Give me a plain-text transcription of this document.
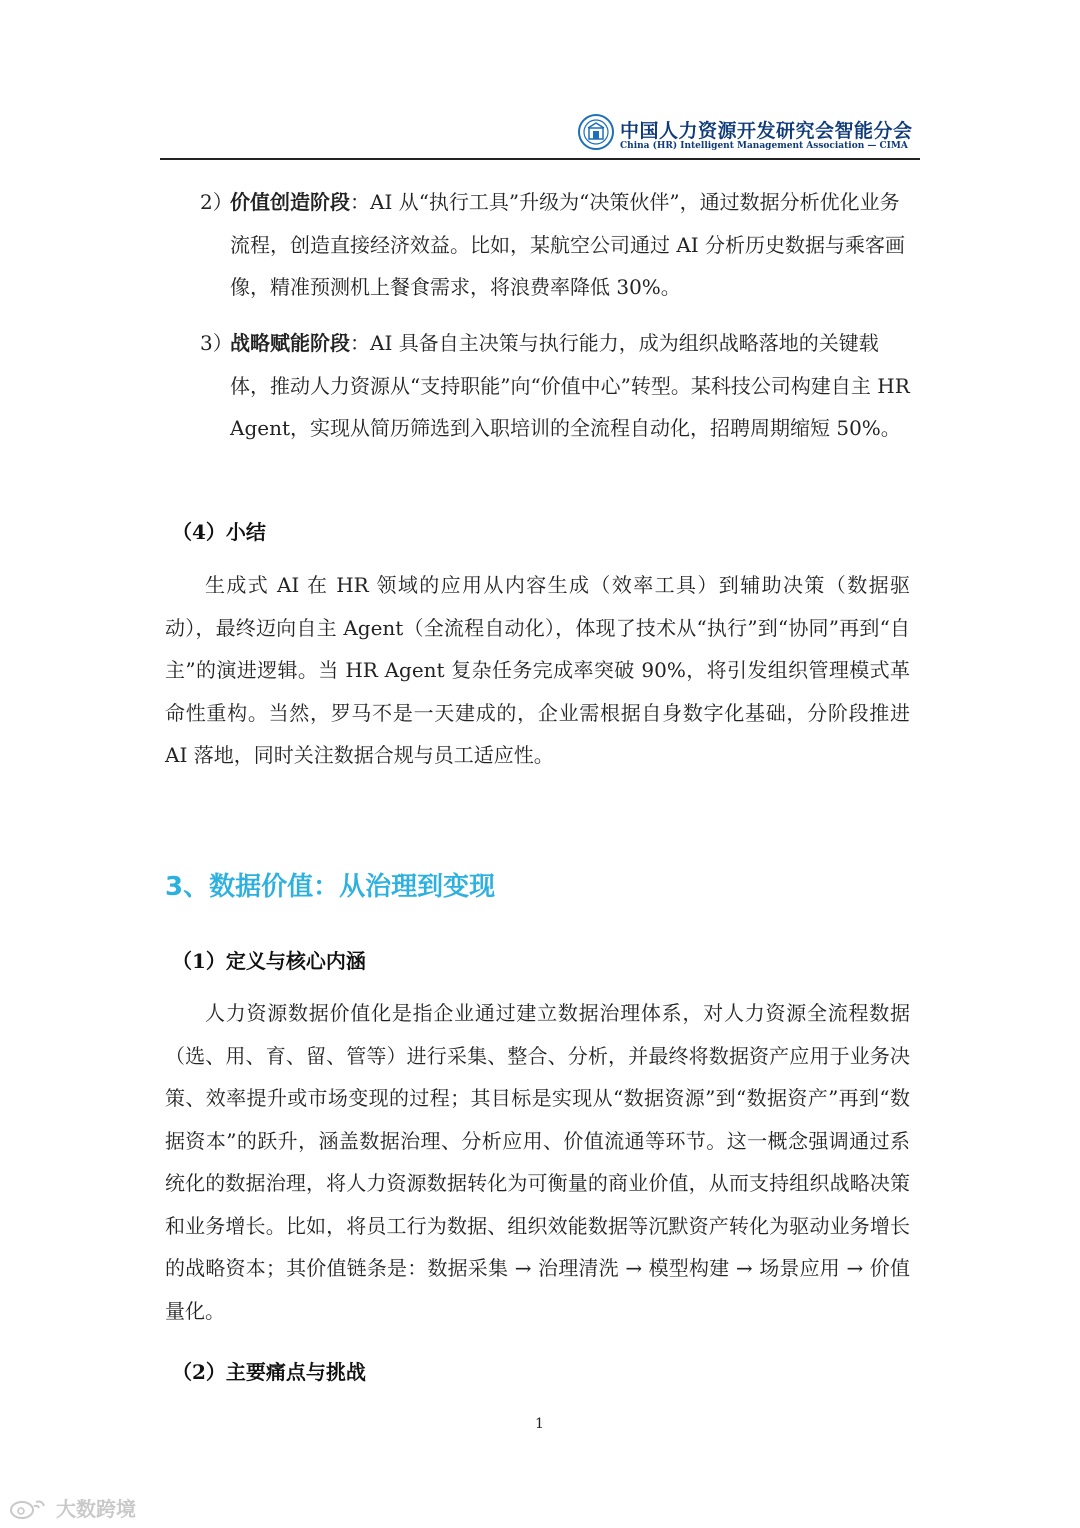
中国人力资源开发研究会智能分会
China (HR) Intelligent Management Association — CIMA
2）
价值创造阶段：AI 从“执行工具”升级为“决策伙伴”，通过数据分析优化业务流程，创造直接经济效益。比如，某航空公司通过 AI 分析历史数据与乘客画像，精准预测机上餐食需求，将浪费率降低 30%。
3）
战略赋能阶段：AI 具备自主决策与执行能力，成为组织战略落地的关键载体，推动人力资源从“支持职能”向“价值中心”转型。某科技公司构建自主 HR Agent，实现从简历筛选到入职培训的全流程自动化，招聘周期缩短 50%。
（4）小结
生成式 AI 在 HR 领域的应用从内容生成（效率工具）到辅助决策（数据驱动），最终迈向自主 Agent（全流程自动化），体现了技术从“执行”到“协同”再到“自主”的演进逻辑。当 HR Agent 复杂任务完成率突破 90%，将引发组织管理模式革命性重构。当然，罗马不是一天建成的，企业需根据自身数字化基础，分阶段推进 AI 落地，同时关注数据合规与员工适应性。
3、数据价值：从治理到变现
（1）定义与核心内涵
人力资源数据价值化是指企业通过建立数据治理体系，对人力资源全流程数据（选、用、育、留、管等）进行采集、整合、分析，并最终将数据资产应用于业务决策、效率提升或市场变现的过程；其目标是实现从“数据资源”到“数据资产”再到“数据资本”的跃升，涵盖数据治理、分析应用、价值流通等环节。这一概念强调通过系统化的数据治理，将人力资源数据转化为可衡量的商业价值，从而支持组织战略决策和业务增长。比如，将员工行为数据、组织效能数据等沉默资产转化为驱动业务增长的战略资本；其价值链条是：数据采集 → 治理清洗 → 模型构建 → 场景应用 → 价值量化。
（2）主要痛点与挑战
1
大数跨境
